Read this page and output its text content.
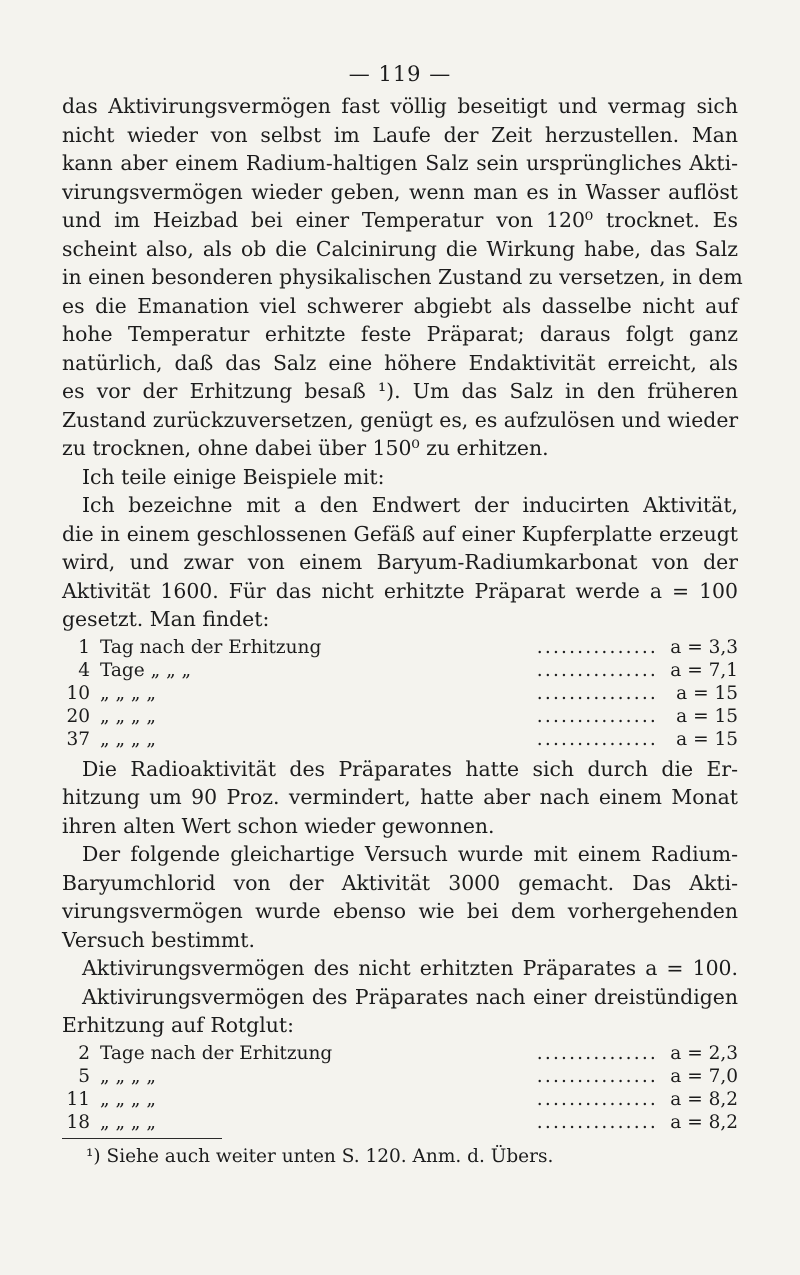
— 119 —
das Aktivirungsvermögen fast völlig beseitigt und vermag sich
nicht wieder von selbst im Laufe der Zeit herzustellen. Man
kann aber einem Radium-haltigen Salz sein ursprüngliches Akti-
virungsvermögen wieder geben, wenn man es in Wasser auflöst
und im Heizbad bei einer Temperatur von 120⁰ trocknet. Es
scheint also, als ob die Calcinirung die Wirkung habe, das Salz
in einen besonderen physikalischen Zustand zu versetzen, in dem
es die Emanation viel schwerer abgiebt als dasselbe nicht auf
hohe Temperatur erhitzte feste Präparat; daraus folgt ganz
natürlich, daß das Salz eine höhere Endaktivität erreicht, als
es vor der Erhitzung besaß ¹). Um das Salz in den früheren
Zustand zurückzuversetzen, genügt es, es aufzulösen und wieder
zu trocknen, ohne dabei über 150⁰ zu erhitzen.
Ich teile einige Beispiele mit:
Ich bezeichne mit a den Endwert der inducirten Aktivität,
die in einem geschlossenen Gefäß auf einer Kupferplatte erzeugt
wird, und zwar von einem Baryum-Radiumkarbonat von der
Aktivität 1600. Für das nicht erhitzte Präparat werde a = 100
gesetzt. Man findet:
1 Tag nach der Erhitzung	............... a = 3,3
4 Tage „ „ „	............... a = 7,1
10 „ „ „ „	............... a = 15
20 „ „ „ „	............... a = 15
37 „ „ „ „	............... a = 15
Die Radioaktivität des Präparates hatte sich durch die Er-
hitzung um 90 Proz. vermindert, hatte aber nach einem Monat
ihren alten Wert schon wieder gewonnen.
Der folgende gleichartige Versuch wurde mit einem Radium-
Baryumchlorid von der Aktivität 3000 gemacht. Das Akti-
virungsvermögen wurde ebenso wie bei dem vorhergehenden
Versuch bestimmt.
Aktivirungsvermögen des nicht erhitzten Präparates a = 100.
Aktivirungsvermögen des Präparates nach einer dreistündigen
Erhitzung auf Rotglut:
2 Tage nach der Erhitzung	............... a = 2,3
5 „ „ „ „	............... a = 7,0
11 „ „ „ „	............... a = 8,2
18 „ „ „ „	............... a = 8,2
¹) Siehe auch weiter unten S. 120. Anm. d. Übers.
